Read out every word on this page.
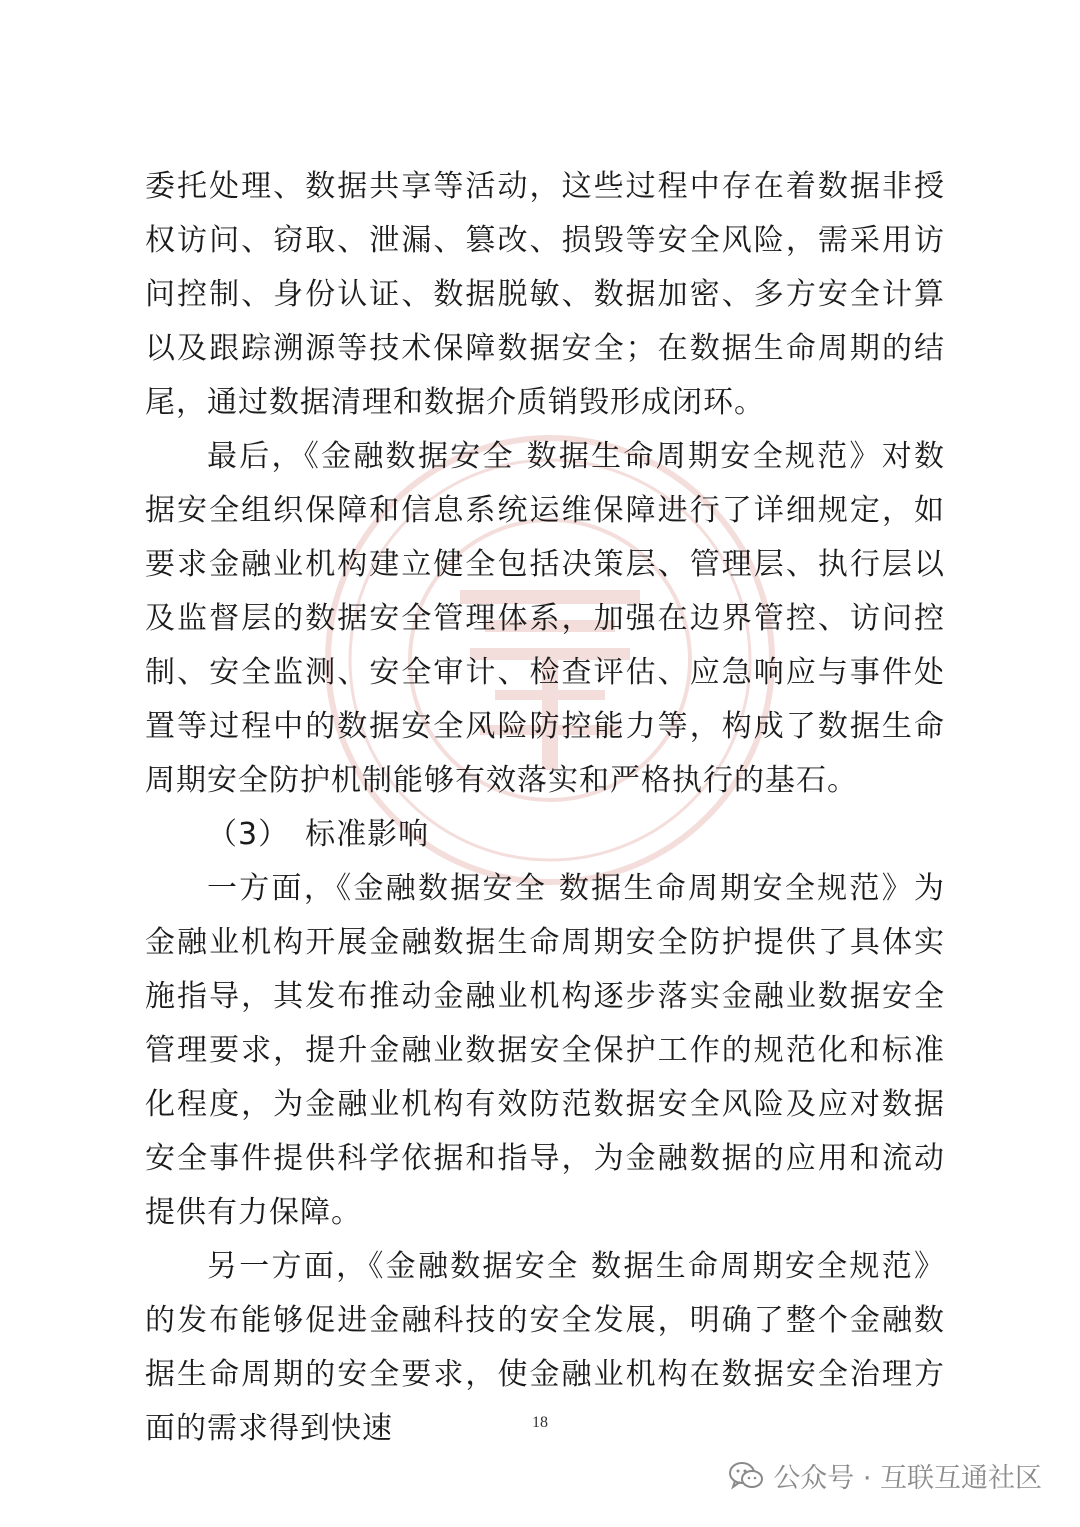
委托处理、数据共享等活动，这些过程中存在着数据非授权访问、窃取、泄漏、篡改、损毁等安全风险，需采用访问控制、身份认证、数据脱敏、数据加密、多方安全计算以及跟踪溯源等技术保障数据安全；在数据生命周期的结尾，通过数据清理和数据介质销毁形成闭环。

最后，《金融数据安全 数据生命周期安全规范》对数据安全组织保障和信息系统运维保障进行了详细规定，如要求金融业机构建立健全包括决策层、管理层、执行层以及监督层的数据安全管理体系，加强在边界管控、访问控制、安全监测、安全审计、检查评估、应急响应与事件处置等过程中的数据安全风险防控能力等，构成了数据生命周期安全防护机制能够有效落实和严格执行的基石。

（3） 标准影响

一方面，《金融数据安全 数据生命周期安全规范》为金融业机构开展金融数据生命周期安全防护提供了具体实施指导，其发布推动金融业机构逐步落实金融业数据安全管理要求，提升金融业数据安全保护工作的规范化和标准化程度，为金融业机构有效防范数据安全风险及应对数据安全事件提供科学依据和指导，为金融数据的应用和流动提供有力保障。

另一方面，《金融数据安全 数据生命周期安全规范》的发布能够促进金融科技的安全发展，明确了整个金融数据生命周期的安全要求，使金融业机构在数据安全治理方面的需求得到快速	18
公众号 · 互联互通社区
